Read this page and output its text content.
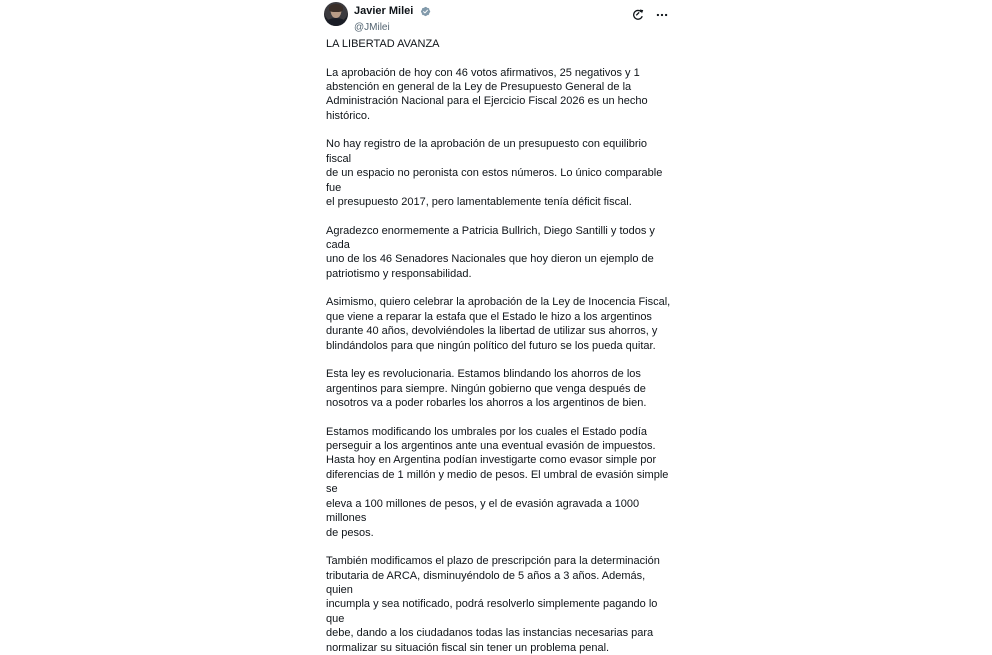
Javier Milei
@JMilei

LA LIBERTAD AVANZA

La aprobación de hoy con 46 votos afirmativos, 25 negativos y 1
abstención en general de la Ley de Presupuesto General de la
Administración Nacional para el Ejercicio Fiscal 2026 es un hecho
histórico.

No hay registro de la aprobación de un presupuesto con equilibrio fiscal
de un espacio no peronista con estos números. Lo único comparable fue
el presupuesto 2017, pero lamentablemente tenía déficit fiscal.

Agradezco enormemente a Patricia Bullrich, Diego Santilli y todos y cada
uno de los 46 Senadores Nacionales que hoy dieron un ejemplo de
patriotismo y responsabilidad.

Asimismo, quiero celebrar la aprobación de la Ley de Inocencia Fiscal,
que viene a reparar la estafa que el Estado le hizo a los argentinos
durante 40 años, devolviéndoles la libertad de utilizar sus ahorros, y
blindándolos para que ningún político del futuro se los pueda quitar.

Esta ley es revolucionaria. Estamos blindando los ahorros de los
argentinos para siempre. Ningún gobierno que venga después de
nosotros va a poder robarles los ahorros a los argentinos de bien.

Estamos modificando los umbrales por los cuales el Estado podía
perseguir a los argentinos ante una eventual evasión de impuestos.
Hasta hoy en Argentina podían investigarte como evasor simple por
diferencias de 1 millón y medio de pesos. El umbral de evasión simple se
eleva a 100 millones de pesos, y el de evasión agravada a 1000 millones
de pesos.

También modificamos el plazo de prescripción para la determinación
tributaria de ARCA, disminuyéndolo de 5 años a 3 años. Además, quien
incumpla y sea notificado, podrá resolverlo simplemente pagando lo que
debe, dando a los ciudadanos todas las instancias necesarias para
normalizar su situación fiscal sin tener un problema penal.
